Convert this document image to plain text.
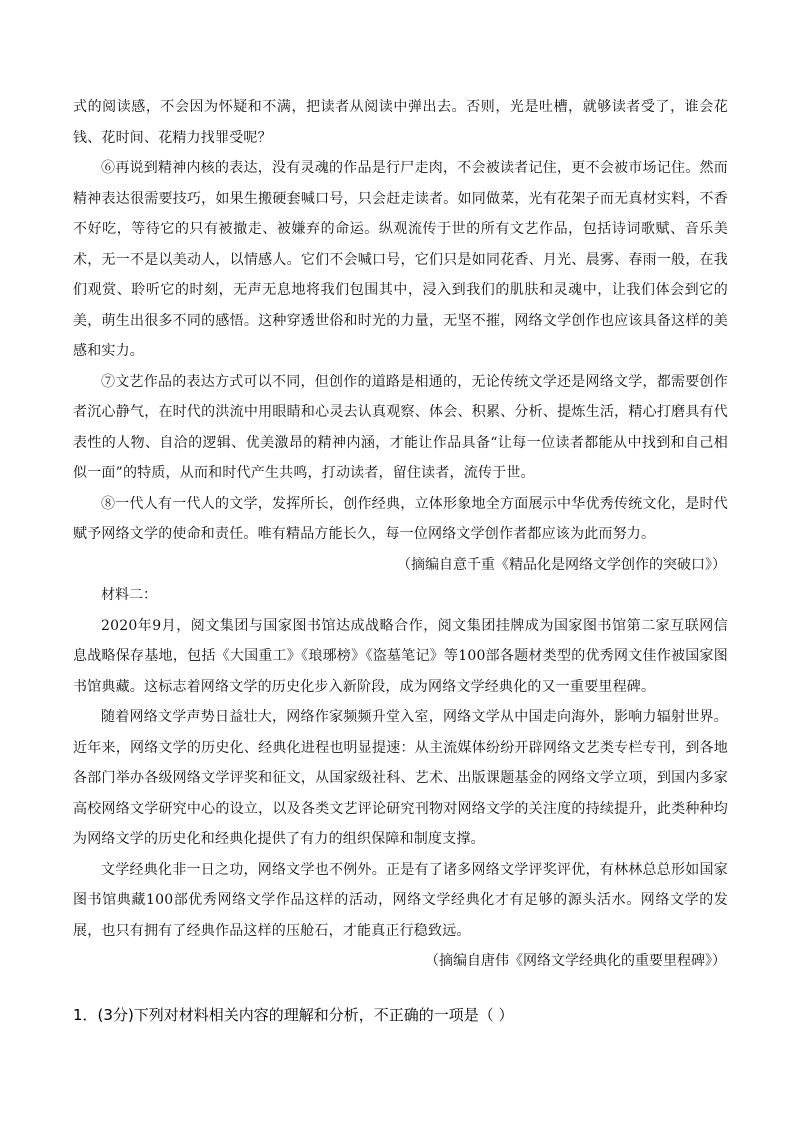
式的阅读感，不会因为怀疑和不满，把读者从阅读中弹出去。否则，光是吐槽，就够读者受了，谁会花钱、花时间、花精力找罪受呢？

⑥再说到精神内核的表达，没有灵魂的作品是行尸走肉，不会被读者记住，更不会被市场记住。然而精神表达很需要技巧，如果生搬硬套喊口号，只会赶走读者。如同做菜，光有花架子而无真材实料，不香不好吃，等待它的只有被撤走、被嫌弃的命运。纵观流传于世的所有文艺作品，包括诗词歌赋、音乐美术，无一不是以美动人，以情感人。它们不会喊口号，它们只是如同花香、月光、晨雾、春雨一般，在我们观赏、聆听它的时刻，无声无息地将我们包围其中，浸入到我们的肌肤和灵魂中，让我们体会到它的美，萌生出很多不同的感悟。这种穿透世俗和时光的力量，无坚不摧，网络文学创作也应该具备这样的美感和实力。

⑦文艺作品的表达方式可以不同，但创作的道路是相通的，无论传统文学还是网络文学，都需要创作者沉心静气，在时代的洪流中用眼睛和心灵去认真观察、体会、积累、分析、提炼生活，精心打磨具有代表性的人物、自洽的逻辑、优美激昂的精神内涵，才能让作品具备“让每一位读者都能从中找到和自己相似一面”的特质，从而和时代产生共鸣，打动读者，留住读者，流传于世。

⑧一代人有一代人的文学，发挥所长，创作经典，立体形象地全方面展示中华优秀传统文化，是时代赋予网络文学的使命和责任。唯有精品方能长久，每一位网络文学创作者都应该为此而努力。

（摘编自意千重《精品化是网络文学创作的突破口》）

材料二：

2020年9月，阅文集团与国家图书馆达成战略合作，阅文集团挂牌成为国家图书馆第二家互联网信息战略保存基地，包括《大国重工》《琅琊榜》《盗墓笔记》等100部各题材类型的优秀网文佳作被国家图书馆典藏。这标志着网络文学的历史化步入新阶段，成为网络文学经典化的又一重要里程碑。

随着网络文学声势日益壮大，网络作家频频升堂入室，网络文学从中国走向海外，影响力辐射世界。近年来，网络文学的历史化、经典化进程也明显提速：从主流媒体纷纷开辟网络文艺类专栏专刊，到各地各部门举办各级网络文学评奖和征文，从国家级社科、艺术、出版课题基金的网络文学立项，到国内多家高校网络文学研究中心的设立，以及各类文艺评论研究刊物对网络文学的关注度的持续提升，此类种种均为网络文学的历史化和经典化提供了有力的组织保障和制度支撑。

文学经典化非一日之功，网络文学也不例外。正是有了诸多网络文学评奖评优，有林林总总形如国家图书馆典藏100部优秀网络文学作品这样的活动，网络文学经典化才有足够的源头活水。网络文学的发展，也只有拥有了经典作品这样的压舱石，才能真正行稳致远。

（摘编自唐伟《网络文学经典化的重要里程碑》）

1．(3分)下列对材料相关内容的理解和分析，不正确的一项是（ ）
